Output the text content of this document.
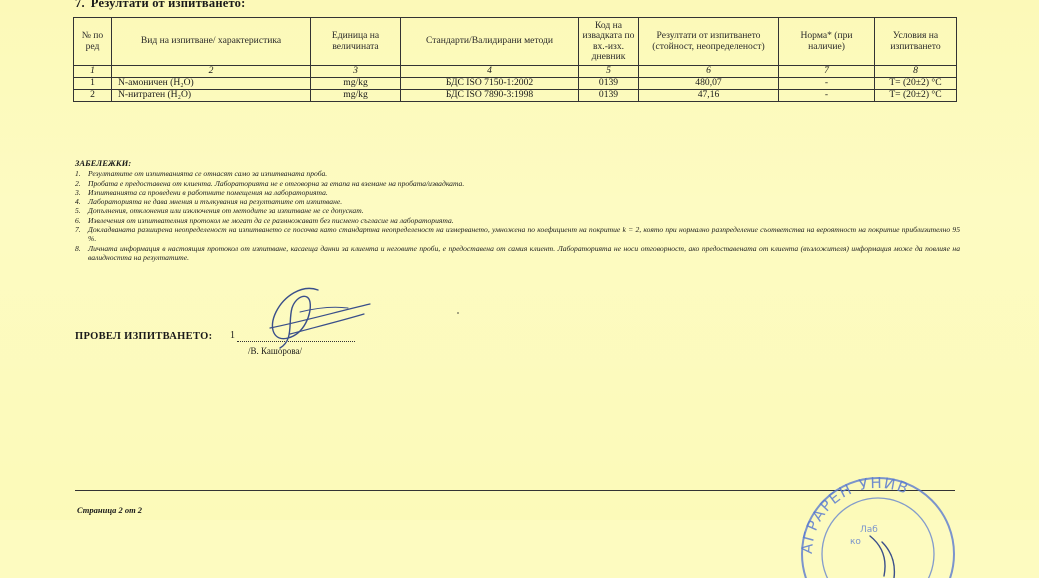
7. Резултати от изпитването:
№ по ред	Вид на изпитване/ характеристика	Единица на величината	Стандарти/Валидирани методи	Код на извадката по вх.-изх. дневник	Резултати от изпитването (стойност, неопределеност)	Норма* (при наличие)	Условия на изпитването
1	2	3	4	5	6	7	8
1	N-амоничен (H₂O)	mg/kg	БДС ISO 7150-1:2002	0139	480,07	-	T= (20±2) °C
2	N-нитратен (H₂O)	mg/kg	БДС ISO 7890-3:1998	0139	47,16	-	T= (20±2) °C
ЗАБЕЛЕЖКИ:
1. Резултатите от изпитванията се отнасят само за изпитваната проба.
2. Пробата е предоставена от клиента. Лабораторията не е отговорна за етапа на вземане на пробата/извадката.
3. Изпитванията са проведени в работните помещения на лабораторията.
4. Лабораторията не дава мнения и тълкувания на резултатите от изпитване.
5. Допълнения, отклонения или изключения от методите за изпитване не се допускат.
6. Извлечения от изпитвателния протокол не могат да се размножават без писмено съгласие на лабораторията.
7. Докладваната разширена неопределеност на изпитването се посочва като стандартна неопределеност на измерването, умножена по коефициент на покритие k = 2, която при нормално разпределение съответства на вероятност на покритие приблизително 95 %.
8. Личната информация в настоящия протокол от изпитване, касаеща данни за клиента и неговите проби, е предоставена от самия клиент. Лабораторията не носи отговорност, ако предоставената от клиента (възложителя) информация може да повлияе на валидността на резултатите.
ПРОВЕЛ ИЗПИТВАНЕТО: 1
/В. Кашорова/
Страница 2 от 2
АГРАРЕН УНИВ
Лаб
ко
